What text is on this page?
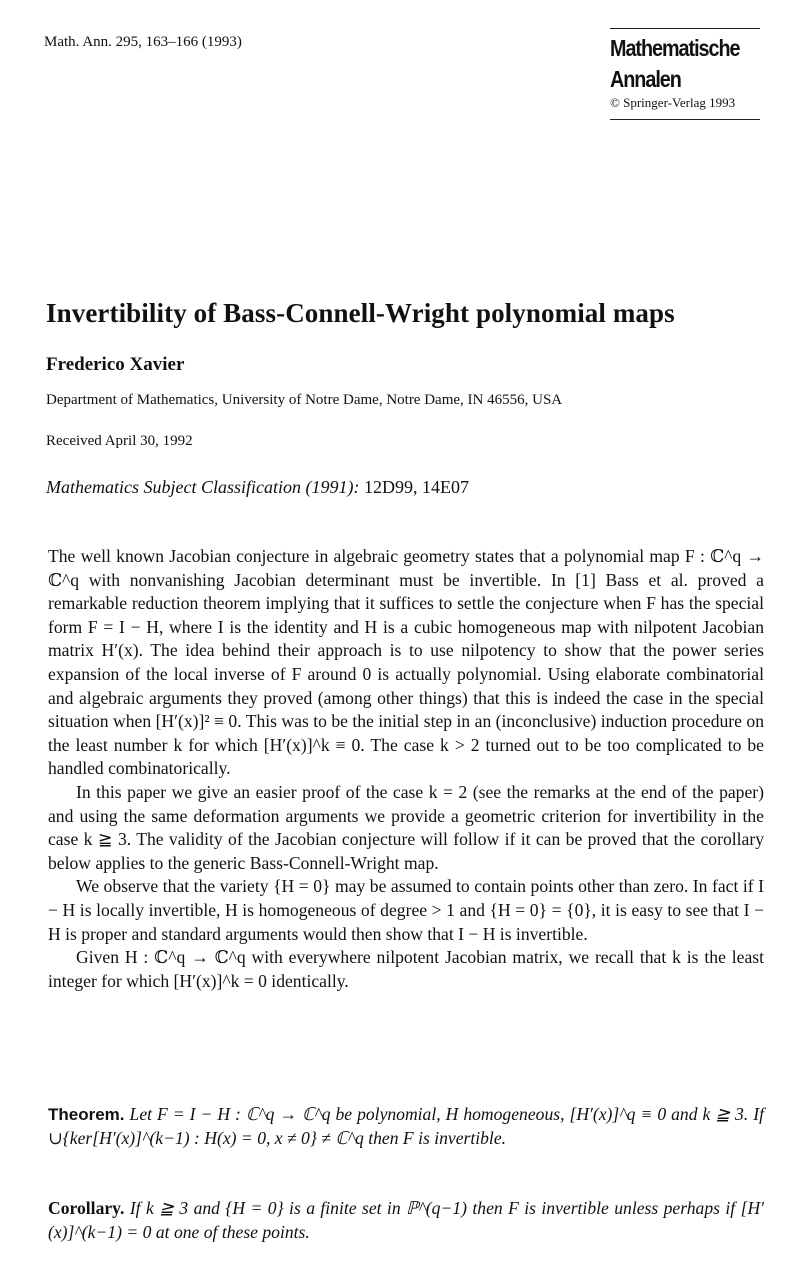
Math. Ann. 295, 163–166 (1993)	Mathematische
Annalen
© Springer-Verlag 1993
Invertibility of Bass-Connell-Wright polynomial maps
Frederico Xavier
Department of Mathematics, University of Notre Dame, Notre Dame, IN 46556, USA
Received April 30, 1992
Mathematics Subject Classification (1991): 12D99, 14E07

The well known Jacobian conjecture in algebraic geometry states that a polynomial map F : ℂ^q → ℂ^q with nonvanishing Jacobian determinant must be invertible. In [1] Bass et al. proved a remarkable reduction theorem implying that it suffices to settle the conjecture when F has the special form F = I − H, where I is the identity and H is a cubic homogeneous map with nilpotent Jacobian matrix H′(x). The idea behind their approach is to use nilpotency to show that the power series expansion of the local inverse of F around 0 is actually polynomial. Using elaborate combinatorial and algebraic arguments they proved (among other things) that this is indeed the case in the special situation when [H′(x)]² ≡ 0. This was to be the initial step in an (inconclusive) induction procedure on the least number k for which [H′(x)]^k ≡ 0. The case k > 2 turned out to be too complicated to be handled combinatorically.

In this paper we give an easier proof of the case k = 2 (see the remarks at the end of the paper) and using the same deformation arguments we provide a geometric criterion for invertibility in the case k ≧ 3. The validity of the Jacobian conjecture will follow if it can be proved that the corollary below applies to the generic Bass-Connell-Wright map.

We observe that the variety {H = 0} may be assumed to contain points other than zero. In fact if I − H is locally invertible, H is homogeneous of degree > 1 and {H = 0} = {0}, it is easy to see that I − H is proper and standard arguments would then show that I − H is invertible.

Given H : ℂ^q → ℂ^q with everywhere nilpotent Jacobian matrix, we recall that k is the least integer for which [H′(x)]^k = 0 identically.

Theorem. Let F = I − H : ℂ^q → ℂ^q be polynomial, H homogeneous, [H′(x)]^q ≡ 0 and k ≧ 3. If ∪{ker[H′(x)]^(k−1) : H(x) = 0, x ≠ 0} ≠ ℂ^q then F is invertible.
Corollary. If k ≧ 3 and {H = 0} is a finite set in ℙ^(q−1) then F is invertible unless perhaps if [H′(x)]^(k−1) = 0 at one of these points.
